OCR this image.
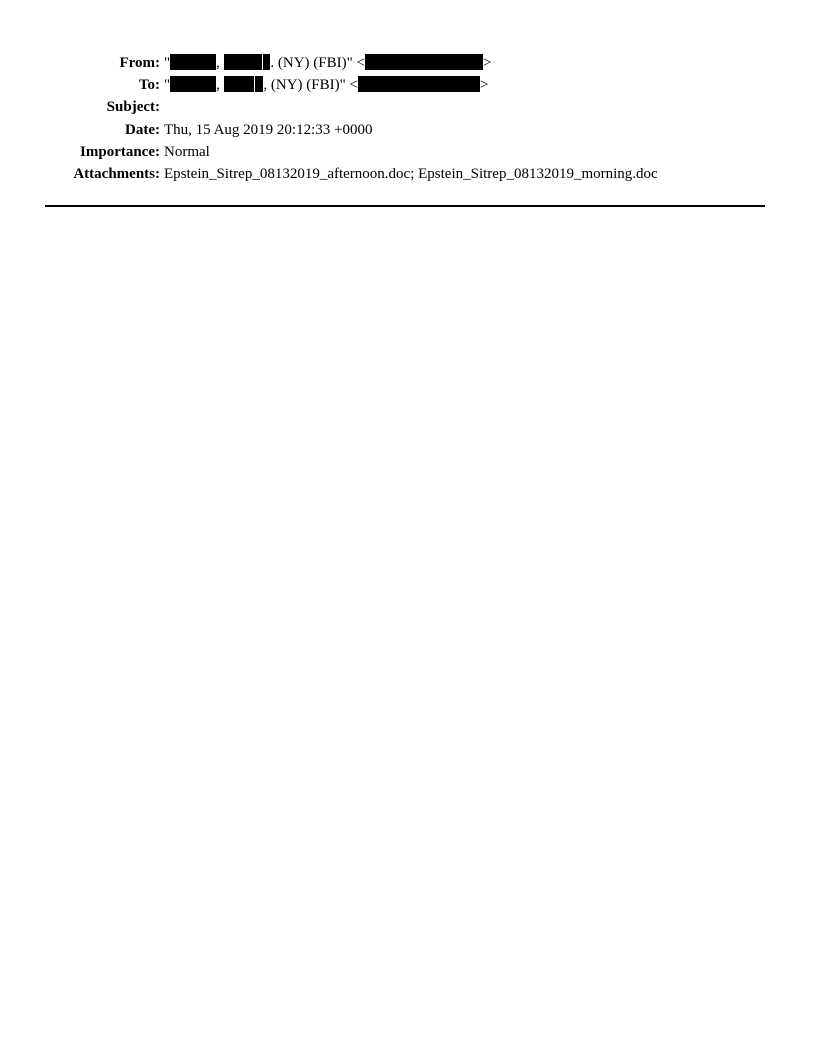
From: "	,	. (NY) (FBI)" <	>
To: "	,	, (NY) (FBI)" <	>
Subject:
Date: Thu, 15 Aug 2019 20:12:33 +0000
Importance: Normal
Attachments: Epstein_Sitrep_08132019_afternoon.doc; Epstein_Sitrep_08132019_morning.doc
